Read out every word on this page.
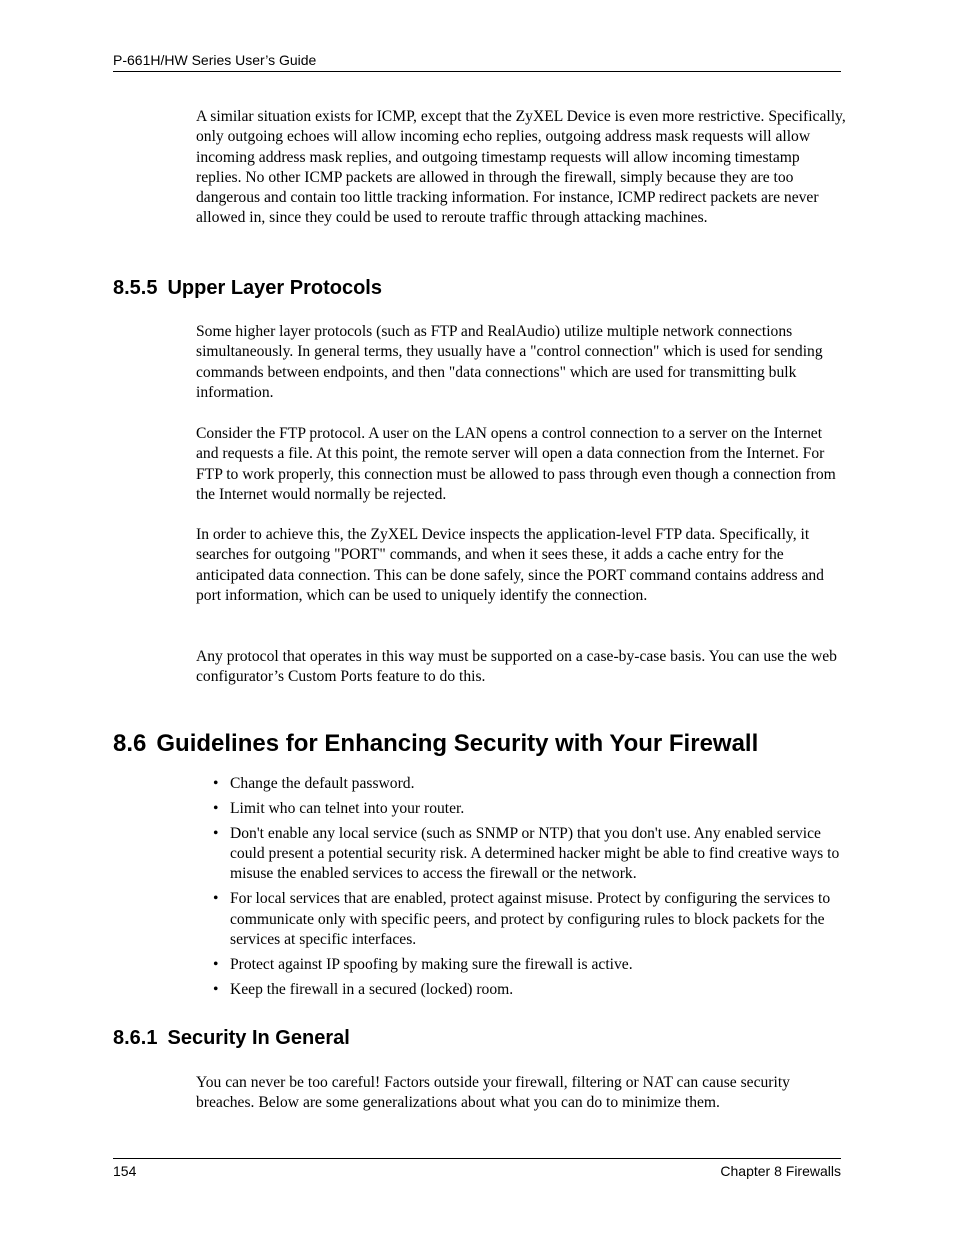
P-661H/HW Series User’s Guide

A similar situation exists for ICMP, except that the ZyXEL Device is even more restrictive. Specifically, only outgoing echoes will allow incoming echo replies, outgoing address mask requests will allow incoming address mask replies, and outgoing timestamp requests will allow incoming timestamp replies. No other ICMP packets are allowed in through the firewall, simply because they are too dangerous and contain too little tracking information. For instance, ICMP redirect packets are never allowed in, since they could be used to reroute traffic through attacking machines.

8.5.5 Upper Layer Protocols

Some higher layer protocols (such as FTP and RealAudio) utilize multiple network connections simultaneously. In general terms, they usually have a "control connection" which is used for sending commands between endpoints, and then "data connections" which are used for transmitting bulk information.

Consider the FTP protocol. A user on the LAN opens a control connection to a server on the Internet and requests a file. At this point, the remote server will open a data connection from the Internet. For FTP to work properly, this connection must be allowed to pass through even though a connection from the Internet would normally be rejected.

In order to achieve this, the ZyXEL Device inspects the application-level FTP data. Specifically, it searches for outgoing "PORT" commands, and when it sees these, it adds a cache entry for the anticipated data connection. This can be done safely, since the PORT command contains address and port information, which can be used to uniquely identify the connection.

Any protocol that operates in this way must be supported on a case-by-case basis. You can use the web configurator’s Custom Ports feature to do this.

8.6 Guidelines for Enhancing Security with Your Firewall
• Change the default password.
• Limit who can telnet into your router.
• Don't enable any local service (such as SNMP or NTP) that you don't use. Any enabled service could present a potential security risk. A determined hacker might be able to find creative ways to misuse the enabled services to access the firewall or the network.
• For local services that are enabled, protect against misuse. Protect by configuring the services to communicate only with specific peers, and protect by configuring rules to block packets for the services at specific interfaces.
• Protect against IP spoofing by making sure the firewall is active.
• Keep the firewall in a secured (locked) room.
8.6.1 Security In General

You can never be too careful! Factors outside your firewall, filtering or NAT can cause security breaches. Below are some generalizations about what you can do to minimize them.

154	Chapter 8 Firewalls
